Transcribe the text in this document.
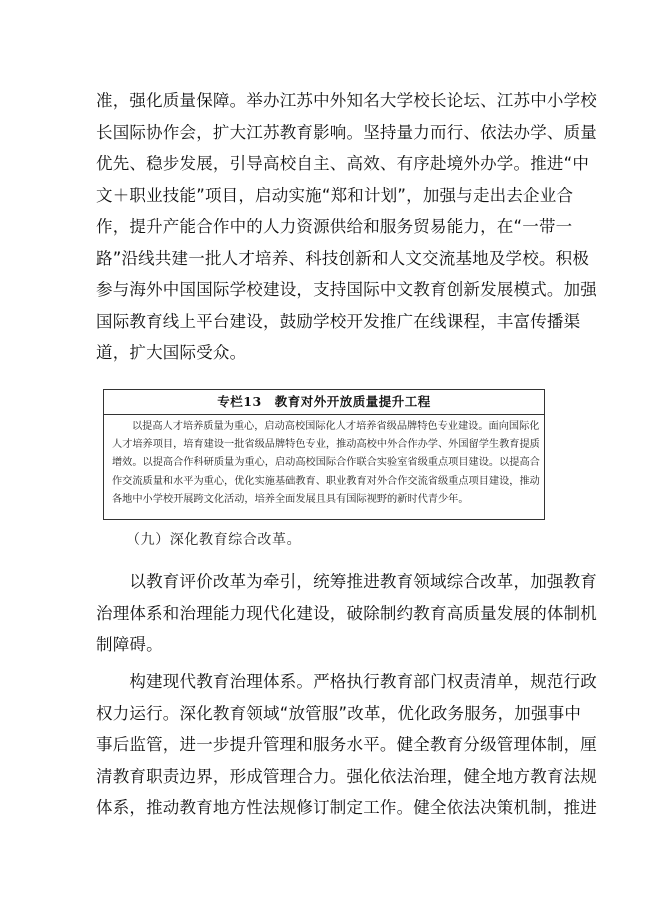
准，强化质量保障。举办江苏中外知名大学校长论坛、江苏中小学校
长国际协作会，扩大江苏教育影响。坚持量力而行、依法办学、质量
优先、稳步发展，引导高校自主、高效、有序赴境外办学。推进“中
文＋职业技能”项目，启动实施“郑和计划”，加强与走出去企业合
作，提升产能合作中的人力资源供给和服务贸易能力，在“一带一
路”沿线共建一批人才培养、科技创新和人文交流基地及学校。积极
参与海外中国国际学校建设，支持国际中文教育创新发展模式。加强
国际教育线上平台建设，鼓励学校开发推广在线课程，丰富传播渠
道，扩大国际受众。

专栏13　教育对外开放质量提升工程
以提高人才培养质量为重心，启动高校国际化人才培养省级品牌特色专业建设。面向国际化
人才培养项目，培育建设一批省级品牌特色专业，推动高校中外合作办学、外国留学生教育提质
增效。以提高合作科研质量为重心，启动高校国际合作联合实验室省级重点项目建设。以提高合
作交流质量和水平为重心，优化实施基础教育、职业教育对外合作交流省级重点项目建设，推动
各地中小学校开展跨文化活动，培养全面发展且具有国际视野的新时代青少年。
（九）深化教育综合改革。

　　以教育评价改革为牵引，统筹推进教育领域综合改革，加强教育
治理体系和治理能力现代化建设，破除制约教育高质量发展的体制机
制障碍。

　　构建现代教育治理体系。严格执行教育部门权责清单，规范行政
权力运行。深化教育领域“放管服”改革，优化政务服务，加强事中
事后监管，进一步提升管理和服务水平。健全教育分级管理体制，厘
清教育职责边界，形成管理合力。强化依法治理，健全地方教育法规
体系，推动教育地方性法规修订制定工作。健全依法决策机制，推进
